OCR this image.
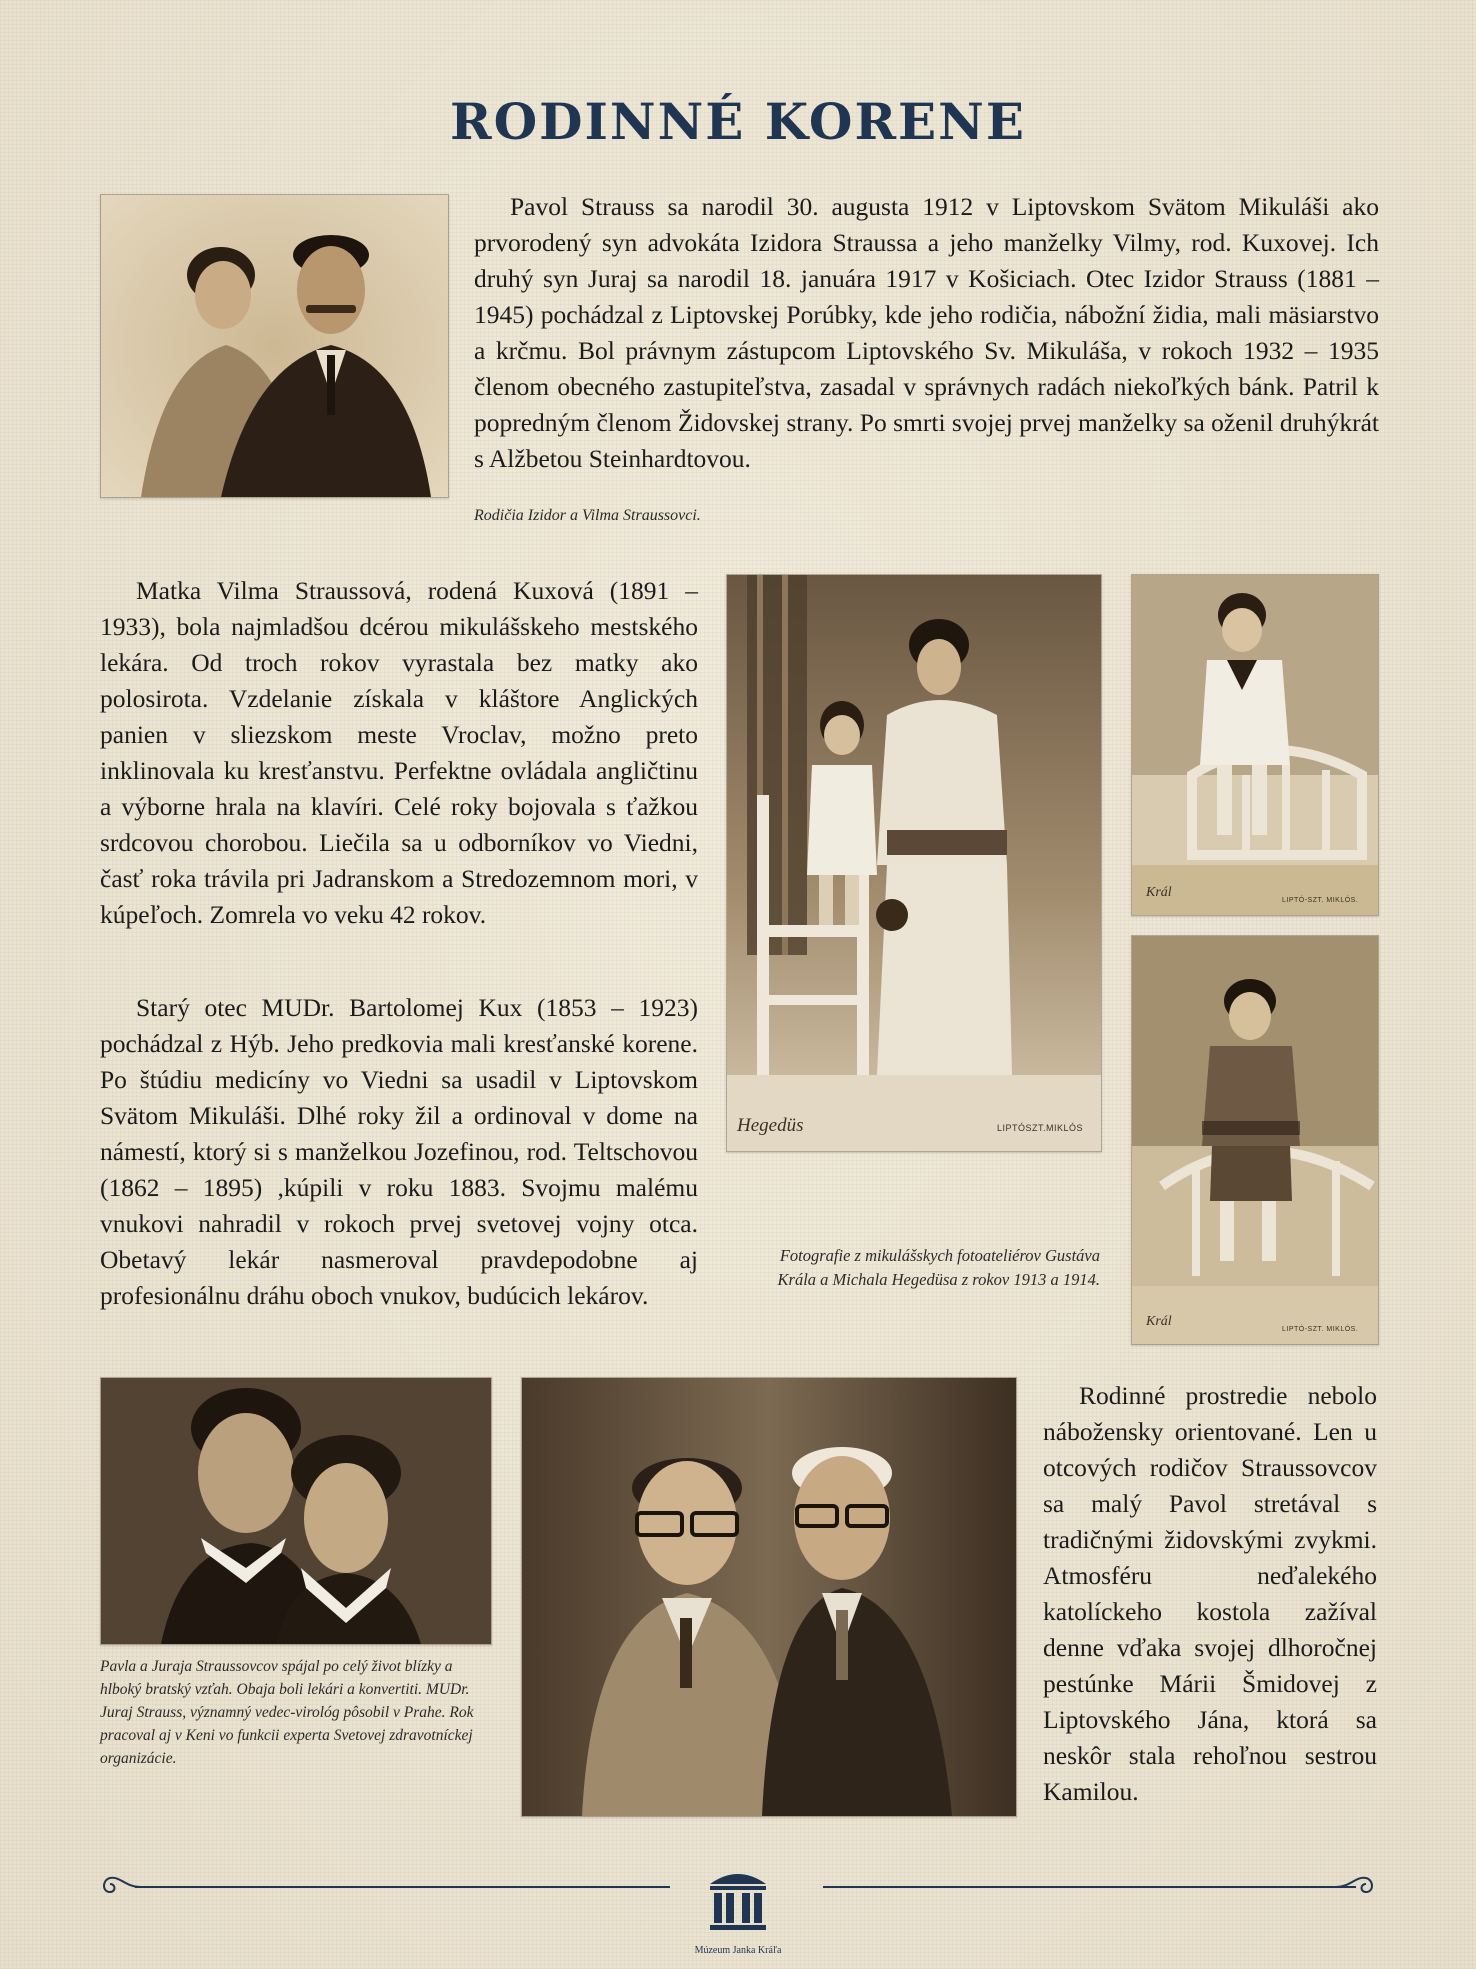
RODINNÉ KORENE

Pavol Strauss sa narodil 30. augusta 1912 v Liptovskom Svätom Mikuláši ako prvorodený syn advokáta Izidora Straussa a jeho manželky Vilmy, rod. Kuxovej. Ich druhý syn Juraj sa narodil 18. januára 1917 v Košiciach. Otec Izidor Strauss (1881 – 1945) pochádzal z Liptovskej Porúbky, kde jeho rodičia, nábožní židia, mali mäsiarstvo a krčmu. Bol právnym zástupcom Liptovského Sv. Mikuláša, v rokoch 1932 – 1935 členom obecného zastupiteľstva, zasadal v správnych radách niekoľkých bánk. Patril k popredným členom Židovskej strany. Po smrti svojej prvej manželky sa oženil druhýkrát s Alžbetou Steinhardtovou.

Rodičia Izidor a Vilma Straussovci.

Matka Vilma Straussová, rodená Kuxová (1891 – 1933), bola najmladšou dcérou mikulášskeho mestského lekára. Od troch rokov vyrastala bez matky ako polosirota. Vzdelanie získala v kláštore Anglických panien v sliezskom meste Vroclav, možno preto inklinovala ku kresťanstvu. Perfektne ovládala angličtinu a výborne hrala na klavíri. Celé roky bojovala s ťažkou srdcovou chorobou. Liečila sa u odborníkov vo Viedni, časť roka trávila pri Jadranskom a Stredozemnom mori, v kúpeľoch. Zomrela vo veku 42 rokov.

Starý otec MUDr. Bartolomej Kux (1853 – 1923) pochádzal z Hýb. Jeho predkovia mali kresťanské korene. Po štúdiu medicíny vo Viedni sa usadil v Liptovskom Svätom Mikuláši. Dlhé roky žil a ordinoval v dome na námestí, ktorý si s manželkou Jozefinou, rod. Teltschovou (1862 – 1895) ,kúpili v roku 1883. Svojmu malému vnukovi nahradil v rokoch prvej svetovej vojny otca. Obetavý lekár nasmeroval pravdepodobne aj profesionálnu dráhu oboch vnukov, budúcich lekárov.

Hegedüs	LIPTÓSZT.MIKLÓS
Král
LIPTÓ-SZT. MIKLÓS.
Král
LIPTÓ-SZT. MIKLÓS.

Fotografie z mikulášskych fotoateliérov Gustáva Krála a Michala Hegedüsa z rokov 1913 a 1914.

Pavla a Juraja Straussovcov spájal po celý život blízky a hlboký bratský vzťah. Obaja boli lekári a konvertiti. MUDr. Juraj Strauss, významný vedec-virológ pôsobil v Prahe. Rok pracoval aj v Keni vo funkcii experta Svetovej zdravotníckej organizácie.

Rodinné prostredie nebolo nábožensky orientované. Len u otcových rodičov Straussovcov sa malý Pavol stretával s tradičnými židovskými zvykmi. Atmosféru neďalekého katolíckeho kostola zažíval denne vďaka svojej dlhoročnej pestúnke Márii Šmidovej z Liptovského Jána, ktorá sa neskôr stala rehoľnou sestrou Kamilou.

Múzeum Janka Kráľa
